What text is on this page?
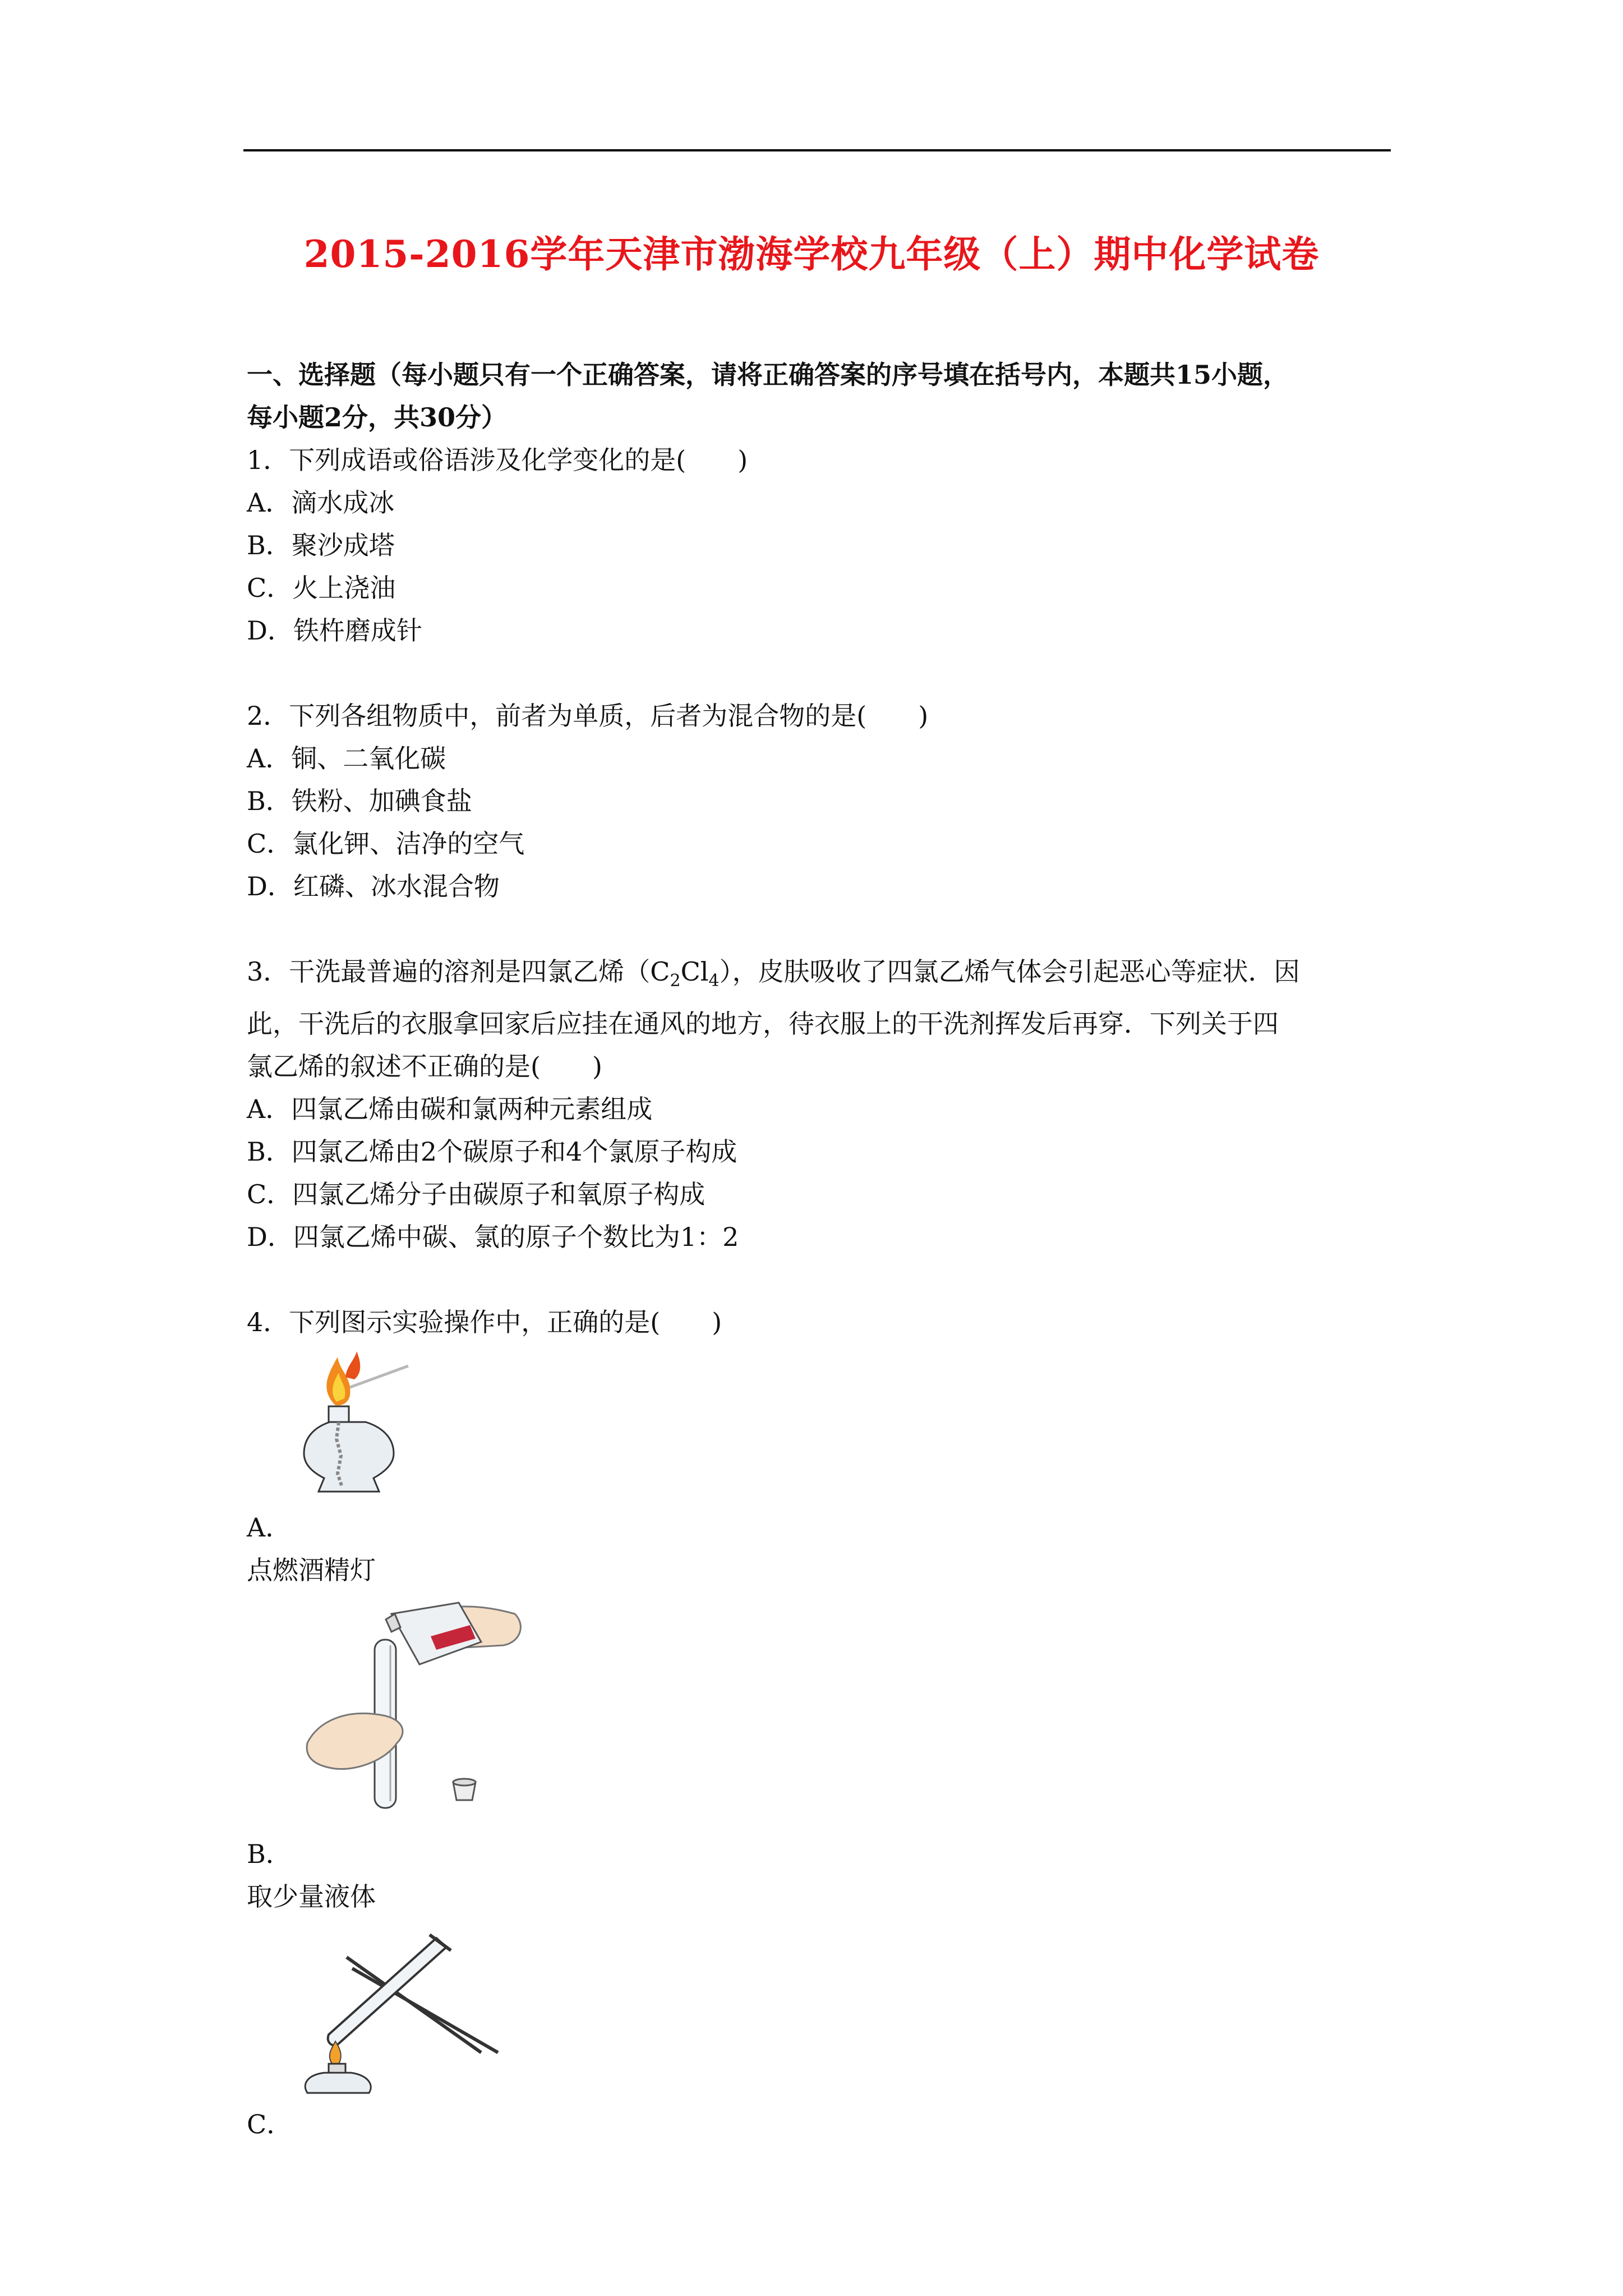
2015-2016学年天津市渤海学校九年级（上）期中化学试卷
一、选择题（每小题只有一个正确答案，请将正确答案的序号填在括号内，本题共15小题，
每小题2分，共30分）
1．下列成语或俗语涉及化学变化的是(　　)
A．滴水成冰
B．聚沙成塔
C．火上浇油
D．铁杵磨成针
2．下列各组物质中，前者为单质，后者为混合物的是(　　)
A．铜、二氧化碳
B．铁粉、加碘食盐
C．氯化钾、洁净的空气
D．红磷、冰水混合物
3．干洗最普遍的溶剂是四氯乙烯$(C_2Cl_4)$，皮肤吸收了四氯乙烯气体会引起恶心等症状．因
此，干洗后的衣服拿回家后应挂在通风的地方，待衣服上的干洗剂挥发后再穿．下列关于四
氯乙烯的叙述不正确的是(　　)
A．四氯乙烯由碳和氯两种元素组成
B．四氯乙烯由2个碳原子和4个氯原子构成
C．四氯乙烯分子由碳原子和氧原子构成
D．四氯乙烯中碳、氯的原子个数比为1：2
4．下列图示实验操作中，正确的是(　　)
A．
点燃酒精灯
B．
取少量液体
C．
